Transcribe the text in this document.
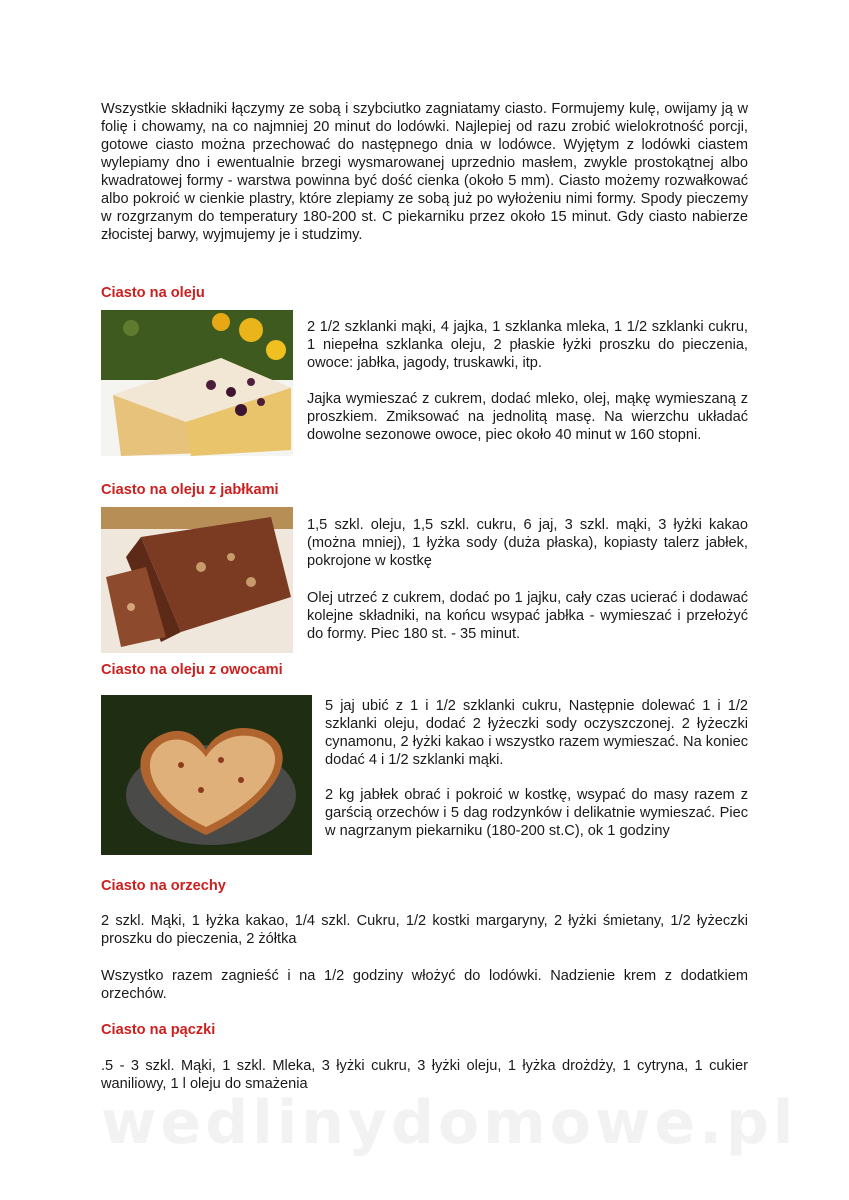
Wszystkie składniki łączymy ze sobą i szybciutko zagniatamy ciasto. Formujemy kulę, owijamy ją w folię i chowamy, na co najmniej 20 minut do lodówki. Najlepiej od razu zrobić wielokrotność porcji, gotowe ciasto można przechować do następnego dnia w lodówce. Wyjętym z lodówki ciastem wylepiamy dno i ewentualnie brzegi wysmarowanej uprzednio masłem, zwykle prostokątnej albo kwadratowej formy - warstwa powinna być dość cienka (około 5 mm). Ciasto możemy rozwałkować albo pokroić w cienkie plastry, które zlepiamy ze sobą już po wyłożeniu nimi formy. Spody pieczemy w rozgrzanym do temperatury 180-200 st. C piekarniku przez około 15 minut. Gdy ciasto nabierze złocistej barwy, wyjmujemy je i studzimy.

Ciasto na oleju

2 1/2 szklanki mąki, 4 jajka, 1 szklanka mleka, 1 1/2 szklanki cukru, 1 niepełna szklanka oleju, 2 płaskie łyżki proszku do pieczenia, owoce: jabłka, jagody, truskawki, itp.

Jajka wymieszać z cukrem, dodać mleko, olej, mąkę wymieszaną z proszkiem. Zmiksować na jednolitą masę. Na wierzchu układać dowolne sezonowe owoce, piec około 40 minut w 160 stopni.

Ciasto na oleju z jabłkami

1,5 szkl. oleju, 1,5 szkl. cukru, 6 jaj, 3 szkl. mąki, 3 łyżki kakao (można mniej), 1 łyżka sody (duża płaska), kopiasty talerz jabłek, pokrojone w kostkę

Olej utrzeć z cukrem, dodać po 1 jajku, cały czas ucierać i dodawać kolejne składniki, na końcu wsypać jabłka - wymieszać i przełożyć do formy. Piec 180 st. - 35 minut.

Ciasto na oleju z owocami

5 jaj ubić z 1 i 1/2 szklanki cukru, Następnie dolewać 1 i 1/2 szklanki oleju, dodać 2 łyżeczki sody oczyszczonej. 2 łyżeczki cynamonu, 2 łyżki kakao i wszystko razem wymieszać. Na koniec dodać 4 i 1/2 szklanki mąki.

2 kg jabłek obrać i pokroić w kostkę, wsypać do masy razem z garścią orzechów i 5 dag rodzynków i delikatnie wymieszać. Piec w nagrzanym piekarniku (180-200 st.C), ok 1 godziny

Ciasto na orzechy

2 szkl. Mąki, 1 łyżka kakao, 1/4 szkl. Cukru, 1/2 kostki margaryny, 2 łyżki śmietany, 1/2 łyżeczki proszku do pieczenia, 2 żółtka

Wszystko razem zagnieść i na 1/2 godziny włożyć do lodówki. Nadzienie krem z dodatkiem orzechów.

Ciasto na pączki

.5 - 3 szkl. Mąki, 1 szkl. Mleka, 3 łyżki cukru, 3 łyżki oleju, 1 łyżka drożdży, 1 cytryna, 1 cukier waniliowy, 1 l oleju do smażenia

wedlinydomowe.pl
